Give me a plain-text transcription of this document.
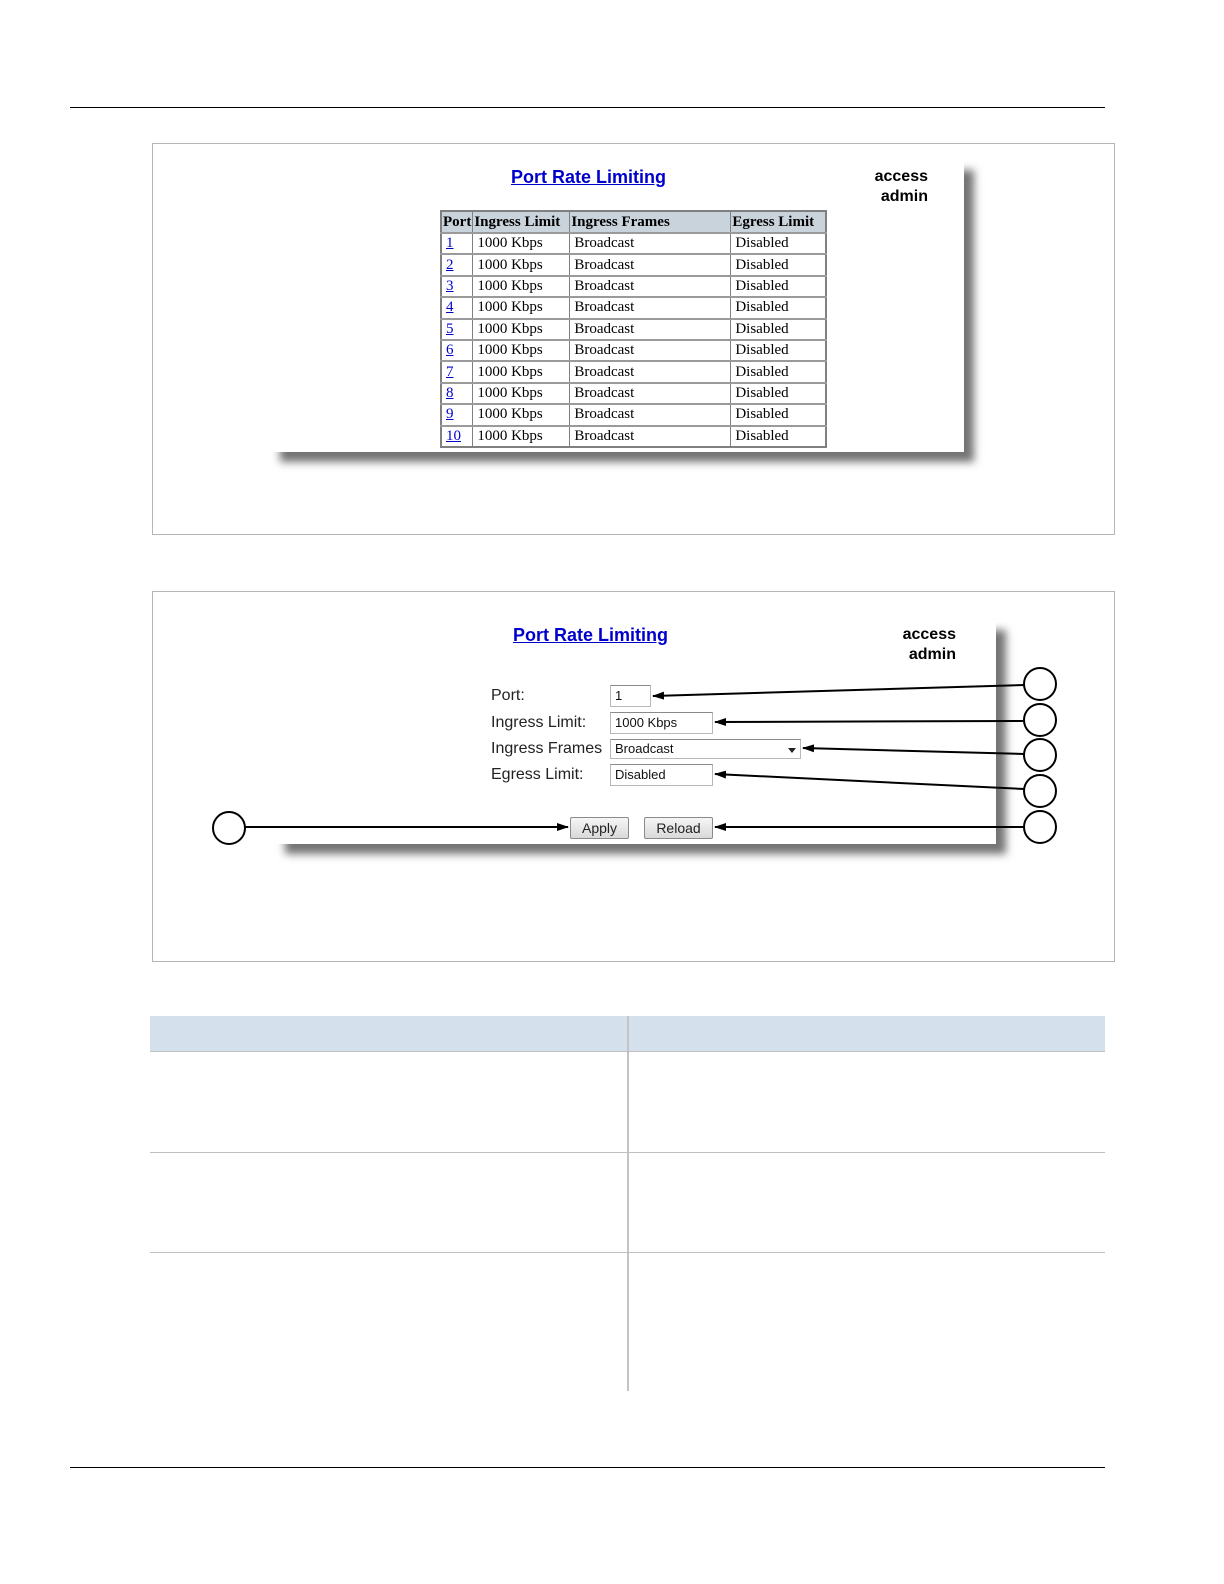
Port Rate Limiting	access
admin
Port	Ingress Limit	Ingress Frames	Egress Limit
1	1000 Kbps	Broadcast	Disabled
2	1000 Kbps	Broadcast	Disabled
3	1000 Kbps	Broadcast	Disabled
4	1000 Kbps	Broadcast	Disabled
5	1000 Kbps	Broadcast	Disabled
6	1000 Kbps	Broadcast	Disabled
7	1000 Kbps	Broadcast	Disabled
8	1000 Kbps	Broadcast	Disabled
9	1000 Kbps	Broadcast	Disabled
10	1000 Kbps	Broadcast	Disabled
Port Rate Limiting	access
admin
Port:	1
Ingress Limit:	1000 Kbps
Ingress Frames Broadcast
Egress Limit:	Disabled
Apply	Reload
